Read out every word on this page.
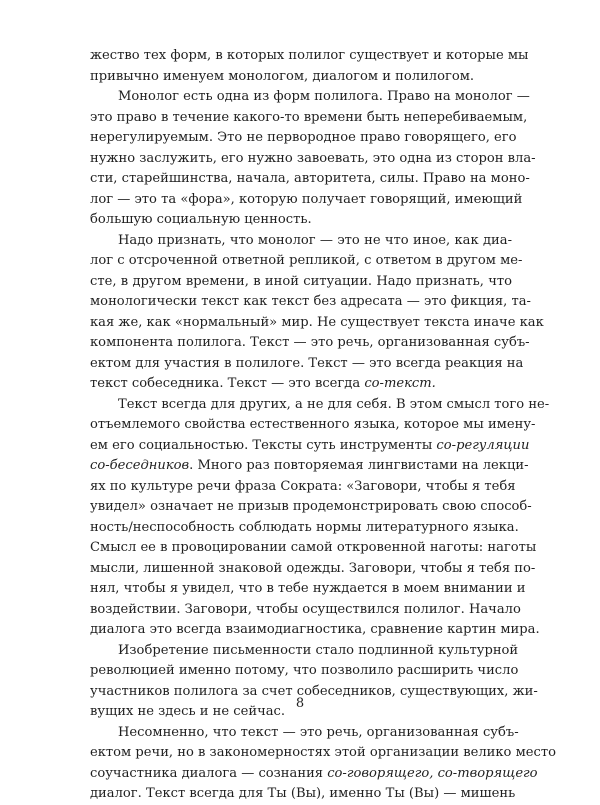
жество тех форм, в которых полилог существует и которые мы
привычно именуем монологом, диалогом и полилогом.
Монолог есть одна из форм полилога. Право на монолог —
это право в течение какого-то времени быть неперебиваемым,
нерегулируемым. Это не первородное право говорящего, его
нужно заслужить, его нужно завоевать, это одна из сторон вла-
сти, старейшинства, начала, авторитета, силы. Право на моно-
лог — это та «фора», которую получает говорящий, имеющий
большую социальную ценность.
Надо признать, что монолог — это не что иное, как диа-
лог с отсроченной ответной репликой, с ответом в другом ме-
сте, в другом времени, в иной ситуации. Надо признать, что
монологически текст как текст без адресата — это фикция, та-
кая же, как «нормальный» мир. Не существует текста иначе как
компонента полилога. Текст — это речь, организованная субъ-
ектом для участия в полилоге. Текст — это всегда реакция на
текст собеседника. Текст — это всегда со-текст.
Текст всегда для других, а не для себя. В этом смысл того не-
отъемлемого свойства естественного языка, которое мы имену-
ем его социальностью. Тексты суть инструменты со-регуляции
со-беседников. Много раз повторяемая лингвистами на лекци-
ях по культуре речи фраза Сократа: «Заговори, чтобы я тебя
увидел» означает не призыв продемонстрировать свою способ-
ность/неспособность соблюдать нормы литературного языка.
Смысл ее в провоцировании самой откровенной наготы: наготы
мысли, лишенной знаковой одежды. Заговори, чтобы я тебя по-
нял, чтобы я увидел, что в тебе нуждается в моем внимании и
воздействии. Заговори, чтобы осуществился полилог. Начало
диалога это всегда взаимодиагностика, сравнение картин мира.
Изобретение письменности стало подлинной культурной
революцией именно потому, что позволило расширить число
участников полилога за счет собеседников, существующих, жи-
вущих не здесь и не сейчас.
Несомненно, что текст — это речь, организованная субъ-
ектом речи, но в закономерностях этой организации велико место
соучастника диалога — сознания со-говорящего, со-творящего
диалог. Текст всегда для Ты (Вы), именно Ты (Вы) — мишень
8
